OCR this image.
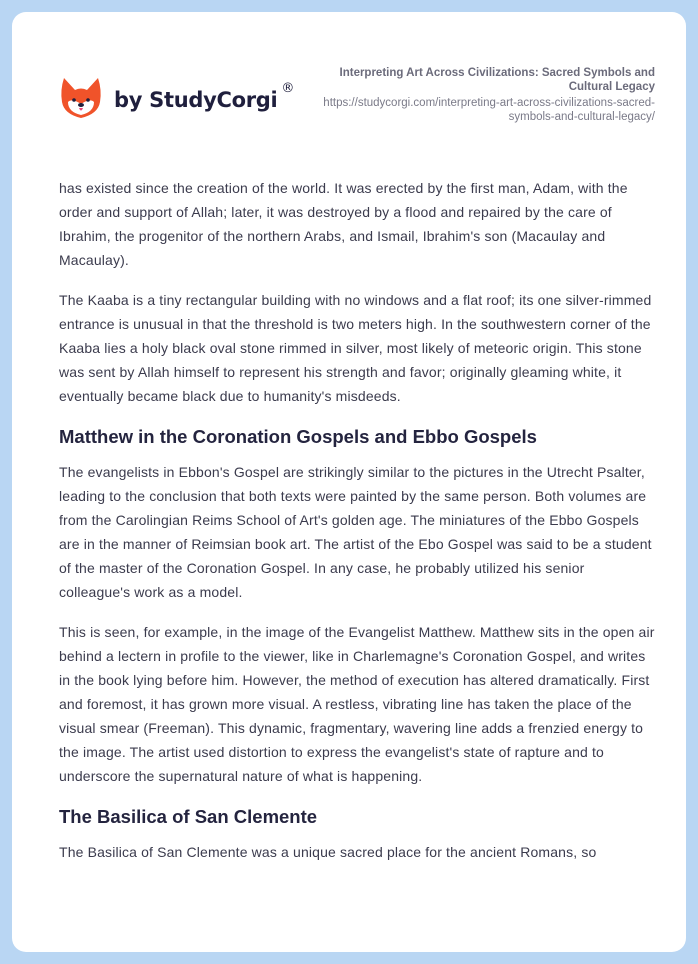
by StudyCorgi ®
Interpreting Art Across Civilizations: Sacred Symbols and Cultural Legacy
https://studycorgi.com/interpreting-art-across-civilizations-sacred-symbols-and-cultural-legacy/

has existed since the creation of the world. It was erected by the first man, Adam, with the order and support of Allah; later, it was destroyed by a flood and repaired by the care of Ibrahim, the progenitor of the northern Arabs, and Ismail, Ibrahim's son (Macaulay and Macaulay).

The Kaaba is a tiny rectangular building with no windows and a flat roof; its one silver-rimmed entrance is unusual in that the threshold is two meters high. In the southwestern corner of the Kaaba lies a holy black oval stone rimmed in silver, most likely of meteoric origin. This stone was sent by Allah himself to represent his strength and favor; originally gleaming white, it eventually became black due to humanity's misdeeds.

Matthew in the Coronation Gospels and Ebbo Gospels

The evangelists in Ebbon's Gospel are strikingly similar to the pictures in the Utrecht Psalter, leading to the conclusion that both texts were painted by the same person. Both volumes are from the Carolingian Reims School of Art's golden age. The miniatures of the Ebbo Gospels are in the manner of Reimsian book art. The artist of the Ebo Gospel was said to be a student of the master of the Coronation Gospel. In any case, he probably utilized his senior colleague's work as a model.

This is seen, for example, in the image of the Evangelist Matthew. Matthew sits in the open air behind a lectern in profile to the viewer, like in Charlemagne's Coronation Gospel, and writes in the book lying before him. However, the method of execution has altered dramatically. First and foremost, it has grown more visual. A restless, vibrating line has taken the place of the visual smear (Freeman). This dynamic, fragmentary, wavering line adds a frenzied energy to the image. The artist used distortion to express the evangelist's state of rapture and to underscore the supernatural nature of what is happening.

The Basilica of San Clemente

The Basilica of San Clemente was a unique sacred place for the ancient Romans, so
